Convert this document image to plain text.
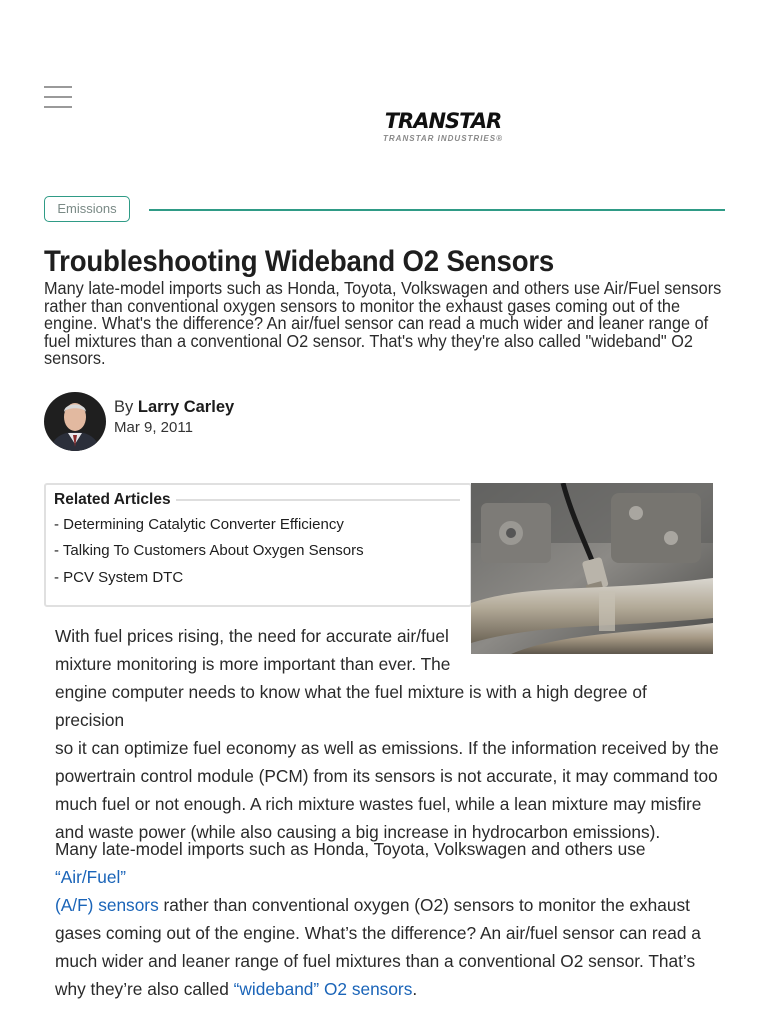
TRANSTAR
TRANSTAR INDUSTRIES®
Emissions
Troubleshooting Wideband O2 Sensors
Many late-model imports such as Honda, Toyota, Volkswagen and others use Air/Fuel sensors rather than conventional oxygen sensors to monitor the exhaust gases coming out of the engine. What's the difference? An air/fuel sensor can read a much wider and leaner range of fuel mixtures than a conventional O2 sensor. That's why they're also called "wideband" O2 sensors.
By Larry Carley
Mar 9, 2011
Related Articles
- Determining Catalytic Converter Efficiency
- Talking To Customers About Oxygen Sensors
- PCV System DTC
With fuel prices rising, the need for accurate air/fuel
mixture monitoring is more important than ever. The
engine computer needs to know what the fuel mixture is with a high degree of precision
so it can optimize fuel economy as well as emissions. If the information received by the
powertrain control module (PCM) from its sensors is not accurate, it may command too
much fuel or not enough. A rich mixture wastes fuel, while a lean mixture may misfire
and waste power (while also causing a big increase in hydrocarbon emissions).
Many late-model imports such as Honda, Toyota, Volkswagen and others use “Air/Fuel”
(A/F) sensors rather than conventional oxygen (O2) sensors to monitor the exhaust
gases coming out of the engine. What’s the difference? An air/fuel sensor can read a
much wider and leaner range of fuel mixtures than a conventional O2 sensor. That’s
why they’re also called “wideband” O2 sensors.
